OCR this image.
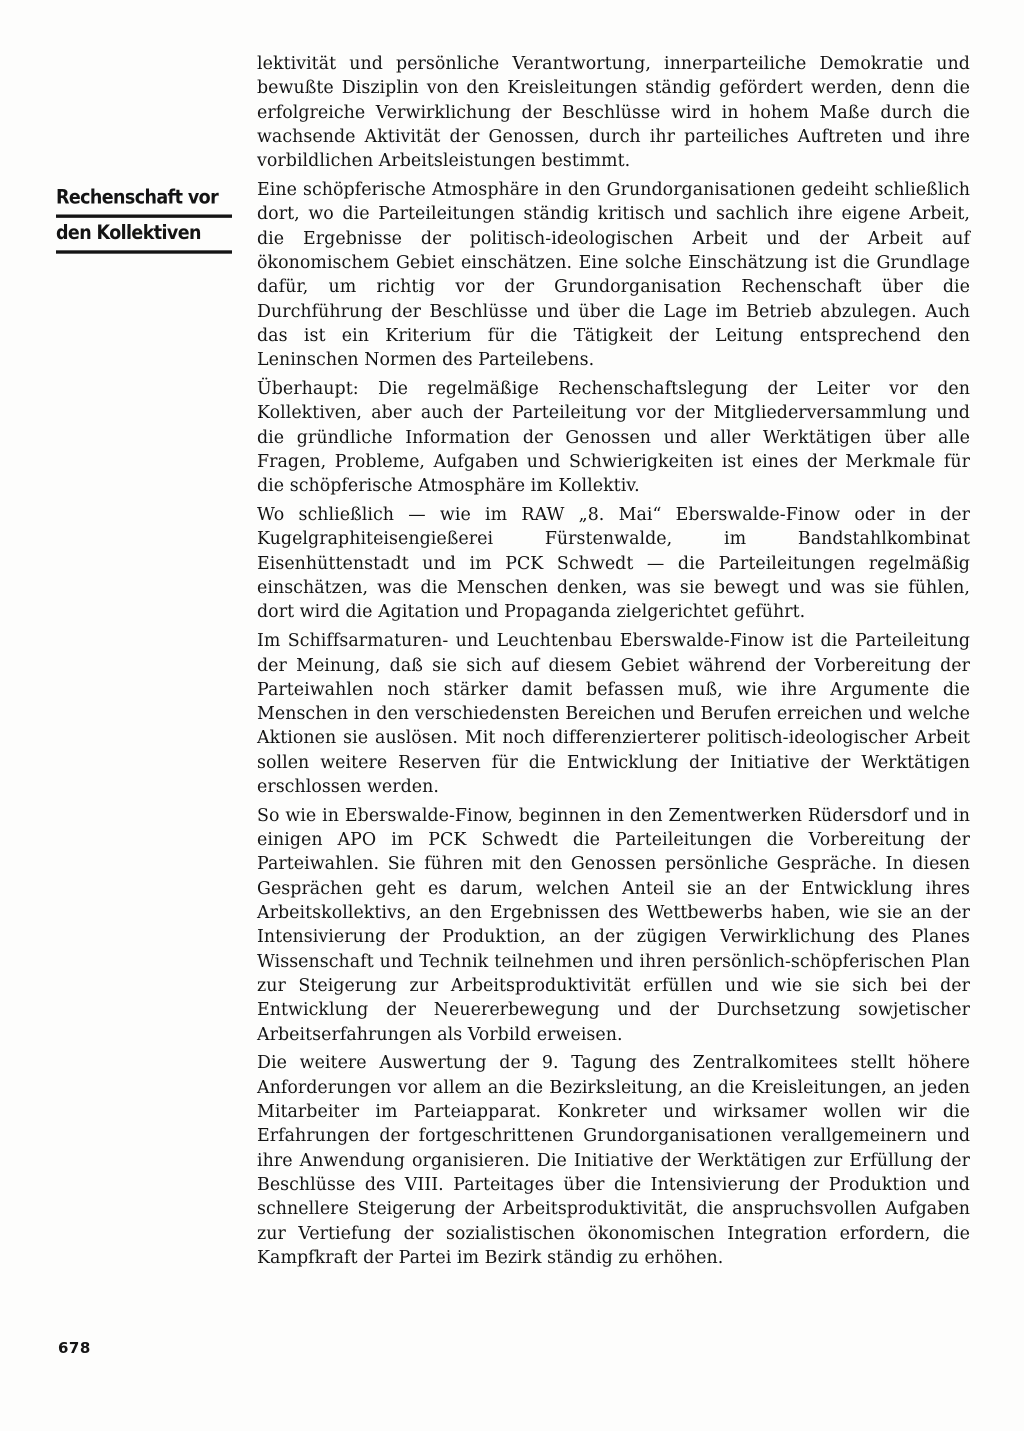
Rechenschaft vor
den Kollektiven

lektivität und persönliche Verantwortung, innerparteiliche Demokratie und bewußte Disziplin von den Kreisleitungen ständig gefördert werden, denn die erfolgreiche Verwirklichung der Beschlüsse wird in hohem Maße durch die wachsende Aktivität der Genossen, durch ihr parteiliches Auftreten und ihre vorbildlichen Arbeitsleistungen bestimmt.

Eine schöpferische Atmosphäre in den Grundorganisationen gedeiht schließlich dort, wo die Parteileitungen ständig kritisch und sachlich ihre eigene Arbeit, die Ergebnisse der politisch-ideologischen Arbeit und der Arbeit auf ökonomischem Gebiet einschätzen. Eine solche Einschätzung ist die Grundlage dafür, um richtig vor der Grundorganisation Rechenschaft über die Durchführung der Beschlüsse und über die Lage im Betrieb abzulegen. Auch das ist ein Kriterium für die Tätigkeit der Leitung entsprechend den Leninschen Normen des Parteilebens.

Überhaupt: Die regelmäßige Rechenschaftslegung der Leiter vor den Kollektiven, aber auch der Parteileitung vor der Mitgliederversammlung und die gründliche Information der Genossen und aller Werktätigen über alle Fragen, Probleme, Aufgaben und Schwierigkeiten ist eines der Merkmale für die schöpferische Atmosphäre im Kollektiv.

Wo schließlich — wie im RAW „8. Mai“ Eberswalde-Finow oder in der Kugelgraphiteisengießerei Fürstenwalde, im Bandstahlkombinat Eisenhüttenstadt und im PCK Schwedt — die Parteileitungen regelmäßig einschätzen, was die Menschen denken, was sie bewegt und was sie fühlen, dort wird die Agitation und Propaganda zielgerichtet geführt.

Im Schiffsarmaturen- und Leuchtenbau Eberswalde-Finow ist die Parteileitung der Meinung, daß sie sich auf diesem Gebiet während der Vorbereitung der Parteiwahlen noch stärker damit befassen muß, wie ihre Argumente die Menschen in den verschiedensten Bereichen und Berufen erreichen und welche Aktionen sie auslösen. Mit noch differenzierterer politisch-ideologischer Arbeit sollen weitere Reserven für die Entwicklung der Initiative der Werktätigen erschlossen werden.

So wie in Eberswalde-Finow, beginnen in den Zementwerken Rüdersdorf und in einigen APO im PCK Schwedt die Parteileitungen die Vorbereitung der Parteiwahlen. Sie führen mit den Genossen persönliche Gespräche. In diesen Gesprächen geht es darum, welchen Anteil sie an der Entwicklung ihres Arbeitskollektivs, an den Ergebnissen des Wettbewerbs haben, wie sie an der Intensivierung der Produktion, an der zügigen Verwirklichung des Planes Wissenschaft und Technik teilnehmen und ihren persönlich-schöpferischen Plan zur Steigerung zur Arbeitsproduktivität erfüllen und wie sie sich bei der Entwicklung der Neuererbewegung und der Durchsetzung sowjetischer Arbeitserfahrungen als Vorbild erweisen.

Die weitere Auswertung der 9. Tagung des Zentralkomitees stellt höhere Anforderungen vor allem an die Bezirksleitung, an die Kreisleitungen, an jeden Mitarbeiter im Parteiapparat. Konkreter und wirksamer wollen wir die Erfahrungen der fortgeschrittenen Grundorganisationen verallgemeinern und ihre Anwendung organisieren. Die Initiative der Werktätigen zur Erfüllung der Beschlüsse des VIII. Parteitages über die Intensivierung der Produktion und schnellere Steigerung der Arbeitsproduktivität, die anspruchsvollen Aufgaben zur Vertiefung der sozialistischen ökonomischen Integration erfordern, die Kampfkraft der Partei im Bezirk ständig zu erhöhen.

678
